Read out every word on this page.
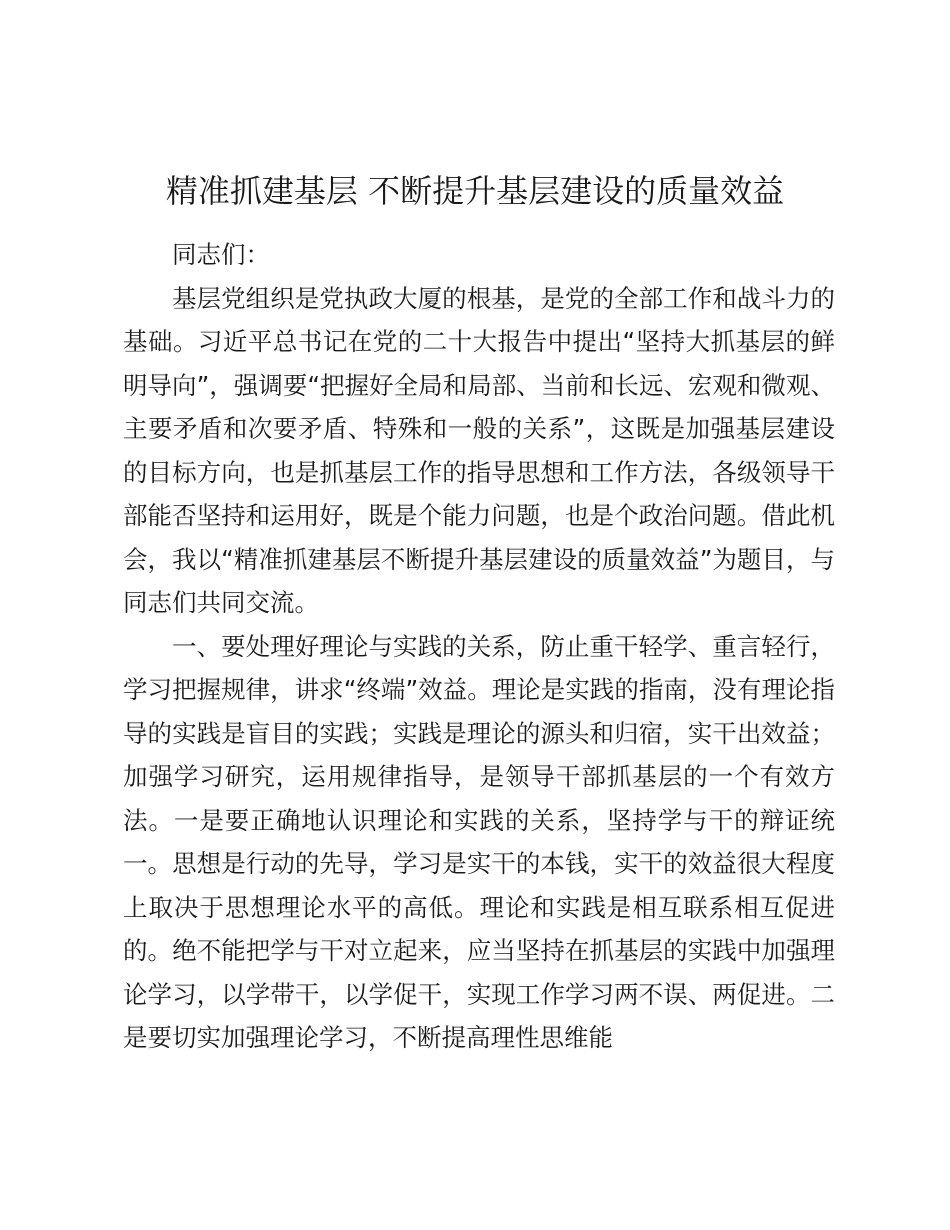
精准抓建基层 不断提升基层建设的质量效益

同志们：

基层党组织是党执政大厦的根基，是党的全部工作和战斗力的基础。习近平总书记在党的二十大报告中提出“坚持大抓基层的鲜明导向”，强调要“把握好全局和局部、当前和长远、宏观和微观、主要矛盾和次要矛盾、特殊和一般的关系”，这既是加强基层建设的目标方向，也是抓基层工作的指导思想和工作方法，各级领导干部能否坚持和运用好，既是个能力问题，也是个政治问题。借此机会，我以“精准抓建基层不断提升基层建设的质量效益”为题目，与同志们共同交流。

一、要处理好理论与实践的关系，防止重干轻学、重言轻行，学习把握规律，讲求“终端”效益。理论是实践的指南，没有理论指导的实践是盲目的实践；实践是理论的源头和归宿，实干出效益；加强学习研究，运用规律指导，是领导干部抓基层的一个有效方法。一是要正确地认识理论和实践的关系，坚持学与干的辩证统一。思想是行动的先导，学习是实干的本钱，实干的效益很大程度上取决于思想理论水平的高低。理论和实践是相互联系相互促进的。绝不能把学与干对立起来，应当坚持在抓基层的实践中加强理论学习，以学带干，以学促干，实现工作学习两不误、两促进。二是要切实加强理论学习，不断提高理性思维能
